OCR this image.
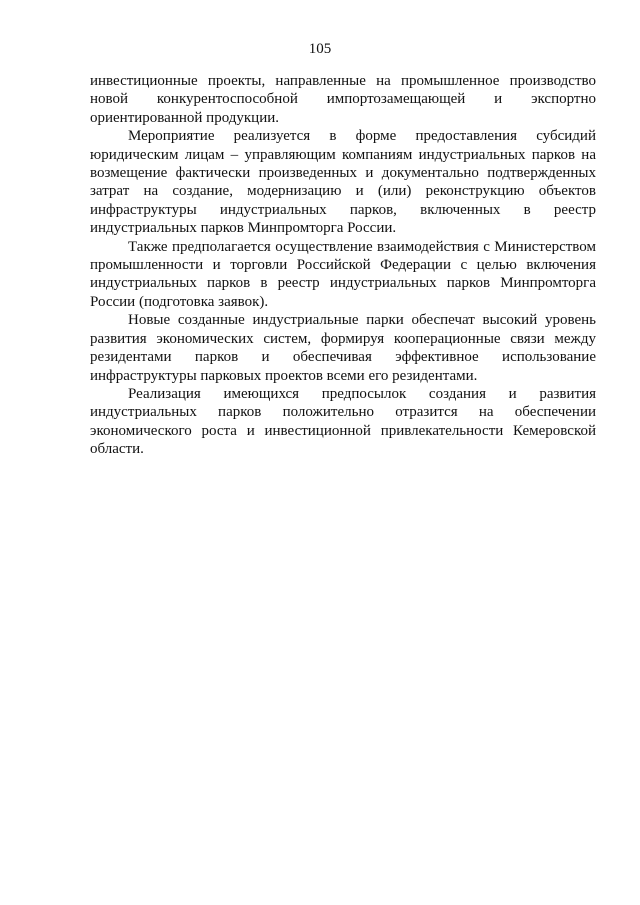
105

инвестиционные проекты, направленные на промышленное производство новой конкурентоспособной импортозамещающей и экспортно ориентированной продукции.

Мероприятие реализуется в форме предоставления субсидий юридическим лицам – управляющим компаниям индустриальных парков на возмещение фактически произведенных и документально подтвержденных затрат на создание, модернизацию и (или) реконструкцию объектов инфраструктуры индустриальных парков, включенных в реестр индустриальных парков Минпромторга России.

Также предполагается осуществление взаимодействия с Министерством промышленности и торговли Российской Федерации с целью включения индустриальных парков в реестр индустриальных парков Минпромторга России (подготовка заявок).

Новые созданные индустриальные парки обеспечат высокий уровень развития экономических систем, формируя кооперационные связи между резидентами парков и обеспечивая эффективное использование инфраструктуры парковых проектов всеми его резидентами.

Реализация имеющихся предпосылок создания и развития индустриальных парков положительно отразится на обеспечении экономического роста и инвестиционной привлекательности Кемеровской области.
